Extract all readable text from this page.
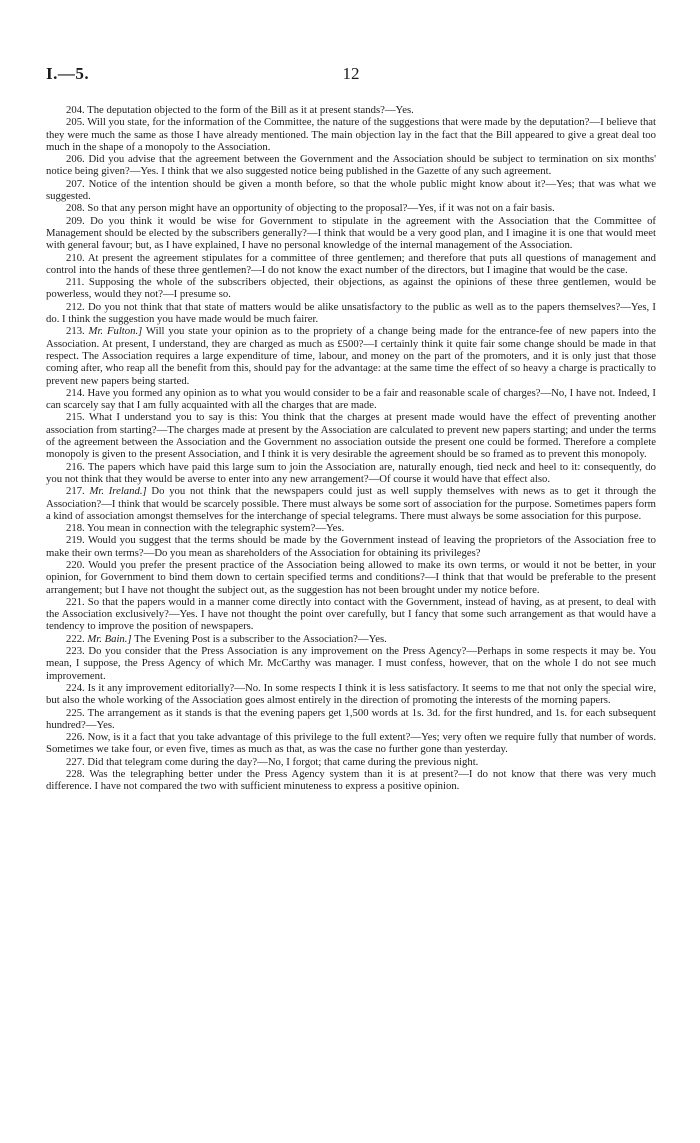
I.—5.	12

204. The deputation objected to the form of the Bill as it at present stands?—Yes.

205. Will you state, for the information of the Committee, the nature of the suggestions that were made by the deputation?—I believe that they were much the same as those I have already mentioned. The main objection lay in the fact that the Bill appeared to give a great deal too much in the shape of a monopoly to the Association.

206. Did you advise that the agreement between the Government and the Association should be subject to termination on six months' notice being given?—Yes. I think that we also suggested notice being published in the Gazette of any such agreement.

207. Notice of the intention should be given a month before, so that the whole public might know about it?—Yes; that was what we suggested.

208. So that any person might have an opportunity of objecting to the proposal?—Yes, if it was not on a fair basis.

209. Do you think it would be wise for Government to stipulate in the agreement with the Association that the Committee of Management should be elected by the subscribers generally?—I think that would be a very good plan, and I imagine it is one that would meet with general favour; but, as I have explained, I have no personal knowledge of the internal management of the Association.

210. At present the agreement stipulates for a committee of three gentlemen; and therefore that puts all questions of management and control into the hands of these three gentlemen?—I do not know the exact number of the directors, but I imagine that would be the case.

211. Supposing the whole of the subscribers objected, their objections, as against the opinions of these three gentlemen, would be powerless, would they not?—I presume so.

212. Do you not think that that state of matters would be alike unsatisfactory to the public as well as to the papers themselves?—Yes, I do. I think the suggestion you have made would be much fairer.

213. Mr. Fulton.] Will you state your opinion as to the propriety of a change being made for the entrance-fee of new papers into the Association. At present, I understand, they are charged as much as £500?—I certainly think it quite fair some change should be made in that respect. The Association requires a large expenditure of time, labour, and money on the part of the promoters, and it is only just that those coming after, who reap all the benefit from this, should pay for the advantage: at the same time the effect of so heavy a charge is practically to prevent new papers being started.

214. Have you formed any opinion as to what you would consider to be a fair and reasonable scale of charges?—No, I have not. Indeed, I can scarcely say that I am fully acquainted with all the charges that are made.

215. What I understand you to say is this: You think that the charges at present made would have the effect of preventing another association from starting?—The charges made at present by the Association are calculated to prevent new papers starting; and under the terms of the agreement between the Association and the Government no association outside the present one could be formed. Therefore a complete monopoly is given to the present Association, and I think it is very desirable the agreement should be so framed as to prevent this monopoly.

216. The papers which have paid this large sum to join the Association are, naturally enough, tied neck and heel to it: consequently, do you not think that they would be averse to enter into any new arrangement?—Of course it would have that effect also.

217. Mr. Ireland.] Do you not think that the newspapers could just as well supply themselves with news as to get it through the Association?—I think that would be scarcely possible. There must always be some sort of association for the purpose. Sometimes papers form a kind of association amongst themselves for the interchange of special telegrams. There must always be some association for this purpose.

218. You mean in connection with the telegraphic system?—Yes.

219. Would you suggest that the terms should be made by the Government instead of leaving the proprietors of the Association free to make their own terms?—Do you mean as shareholders of the Association for obtaining its privileges?

220. Would you prefer the present practice of the Association being allowed to make its own terms, or would it not be better, in your opinion, for Government to bind them down to certain specified terms and conditions?—I think that that would be preferable to the present arrangement; but I have not thought the subject out, as the suggestion has not been brought under my notice before.

221. So that the papers would in a manner come directly into contact with the Government, instead of having, as at present, to deal with the Association exclusively?—Yes. I have not thought the point over carefully, but I fancy that some such arrangement as that would have a tendency to improve the position of newspapers.

222. Mr. Bain.] The Evening Post is a subscriber to the Association?—Yes.

223. Do you consider that the Press Association is any improvement on the Press Agency?—Perhaps in some respects it may be. You mean, I suppose, the Press Agency of which Mr. McCarthy was manager. I must confess, however, that on the whole I do not see much improvement.

224. Is it any improvement editorially?—No. In some respects I think it is less satisfactory. It seems to me that not only the special wire, but also the whole working of the Association goes almost entirely in the direction of promoting the interests of the morning papers.

225. The arrangement as it stands is that the evening papers get 1,500 words at 1s. 3d. for the first hundred, and 1s. for each subsequent hundred?—Yes.

226. Now, is it a fact that you take advantage of this privilege to the full extent?—Yes; very often we require fully that number of words. Sometimes we take four, or even five, times as much as that, as was the case no further gone than yesterday.

227. Did that telegram come during the day?—No, I forgot; that came during the previous night.

228. Was the telegraphing better under the Press Agency system than it is at present?—I do not know that there was very much difference. I have not compared the two with sufficient minuteness to express a positive opinion.
